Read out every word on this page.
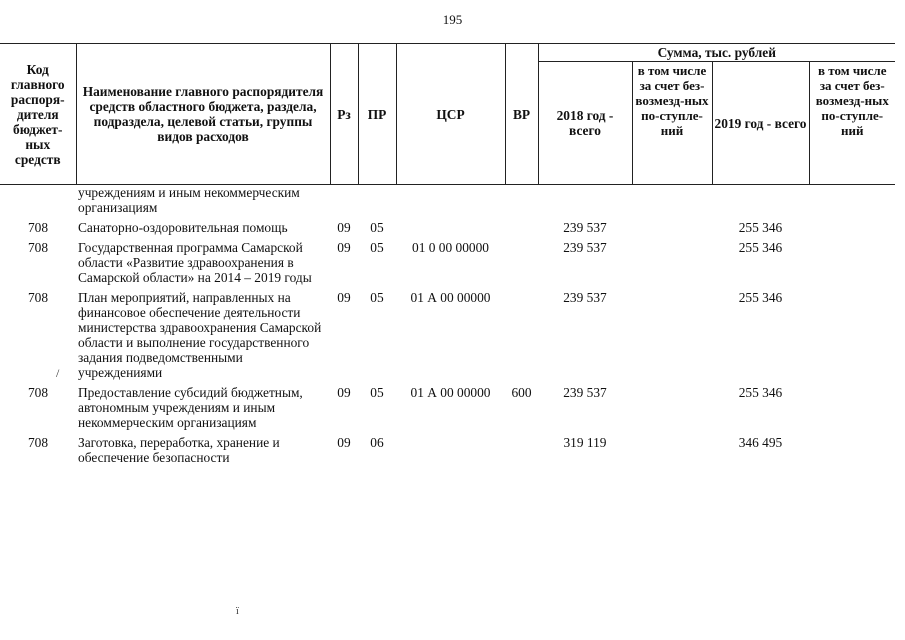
195
Код главного распоря-дителя бюджет-ных средств	Наименование главного распорядителя средств областного бюджета, раздела, подраздела, целевой статьи, группы видов расходов	Рз	ПР	ЦСР	ВР	Сумма, тыс. рублей			
						2018 год - всего	в том числе за счет без-возмезд-ных по-ступле-ний	2019 год - всего	в том числе за счет без-возмезд-ных по-ступле-ний
	учреждениям и иным некоммерческим организациям								
708	Санаторно-оздоровительная помощь	09	05			239 537		255 346	
708	Государственная программа Самарской области «Развитие здравоохранения в Самарской области» на 2014 – 2019 годы	09	05	01 0 00 00000		239 537		255 346	
708	План мероприятий, направленных на финансовое обеспечение деятельности министерства здравоохранения Самарской области и выполнение государственного задания подведомственными учреждениями	09	05	01 А 00 00000		239 537		255 346	
708	Предоставление субсидий бюджетным, автономным учреждениям и иным некоммерческим организациям	09	05	01 А 00 00000	600	239 537		255 346	
708	Заготовка, переработка, хранение и обеспечение безопасности	09	06			319 119		346 495	
/
ї
